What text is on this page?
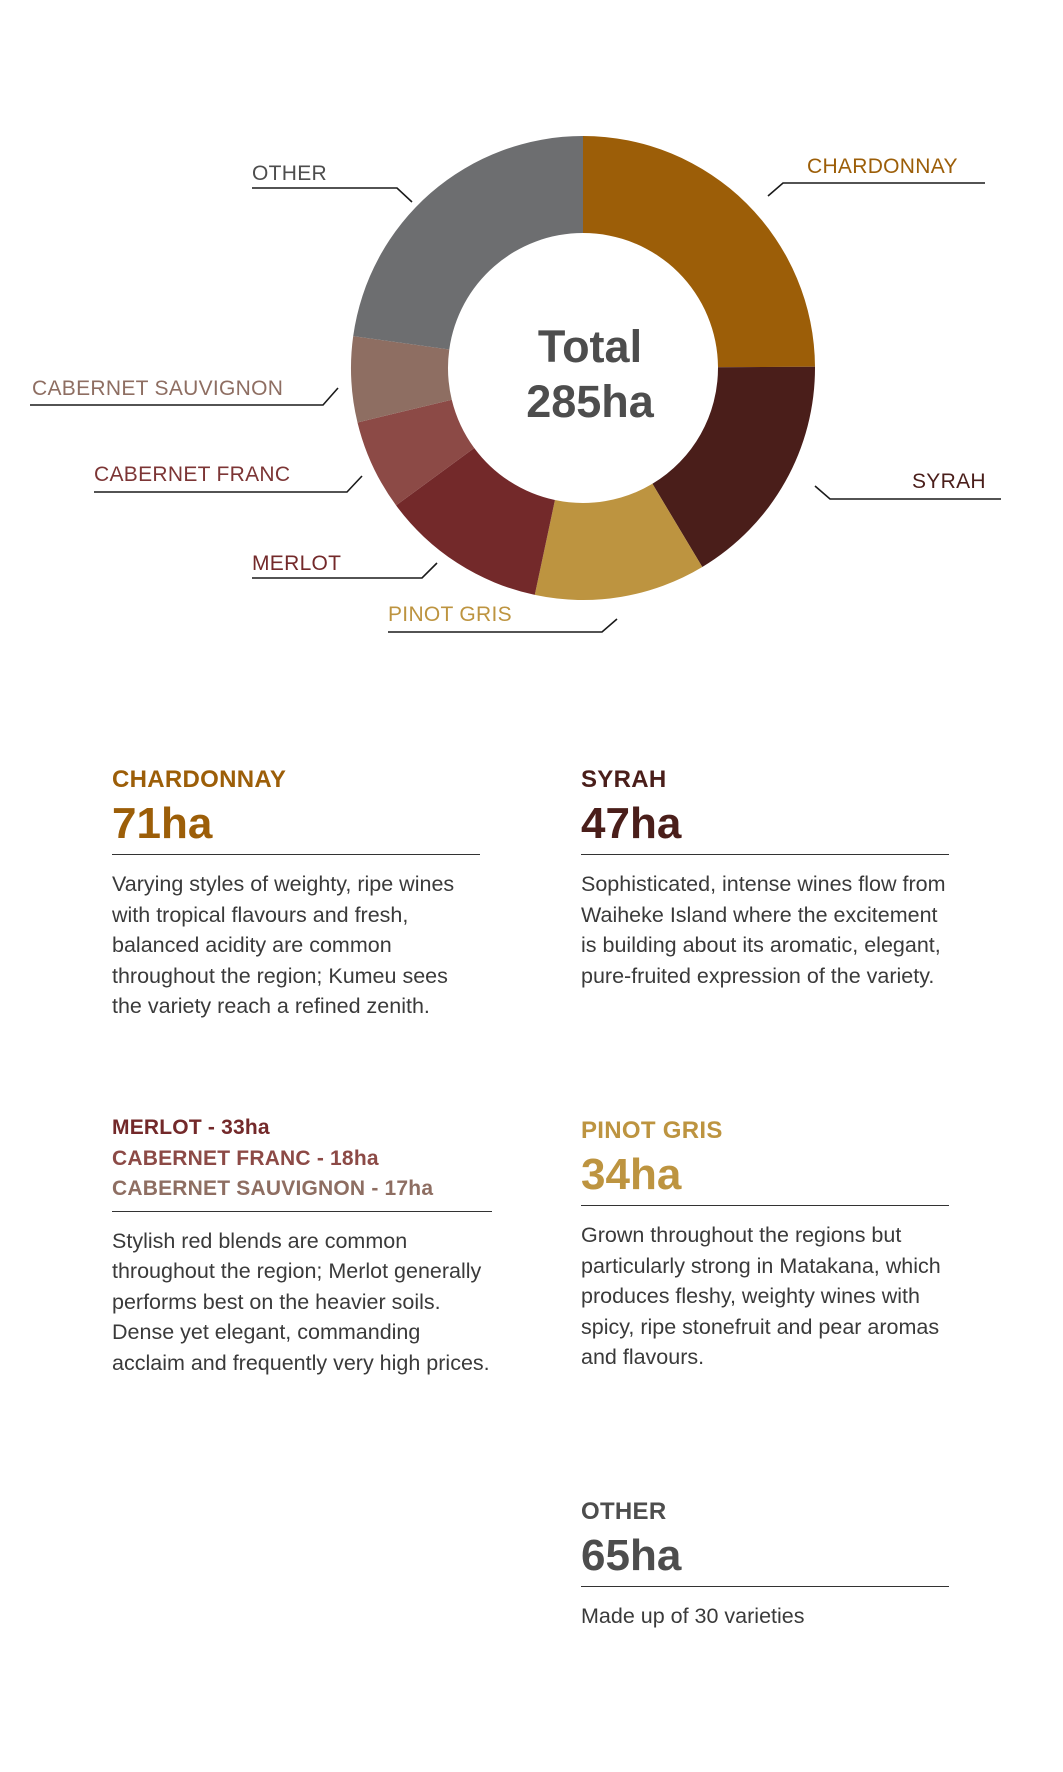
Total
285ha
CHARDONNAY
SYRAH
PINOT GRIS
MERLOT
CABERNET FRANC
CABERNET SAUVIGNON
OTHER
CHARDONNAY
71ha
Varying styles of weighty, ripe wines with tropical flavours and fresh, balanced acidity are common throughout the region; Kumeu sees the variety reach a refined zenith.
SYRAH
47ha
Sophisticated, intense wines flow from Waiheke Island where the excitement is building about its aromatic, elegant, pure-fruited expression of the variety.
MERLOT - 33ha
CABERNET FRANC - 18ha
CABERNET SAUVIGNON - 17ha
Stylish red blends are common throughout the region; Merlot generally performs best on the heavier soils. Dense yet elegant, commanding acclaim and frequently very high prices.
PINOT GRIS
34ha
Grown throughout the regions but particularly strong in Matakana, which produces fleshy, weighty wines with spicy, ripe stonefruit and pear aromas and flavours.
OTHER
65ha
Made up of 30 varieties
